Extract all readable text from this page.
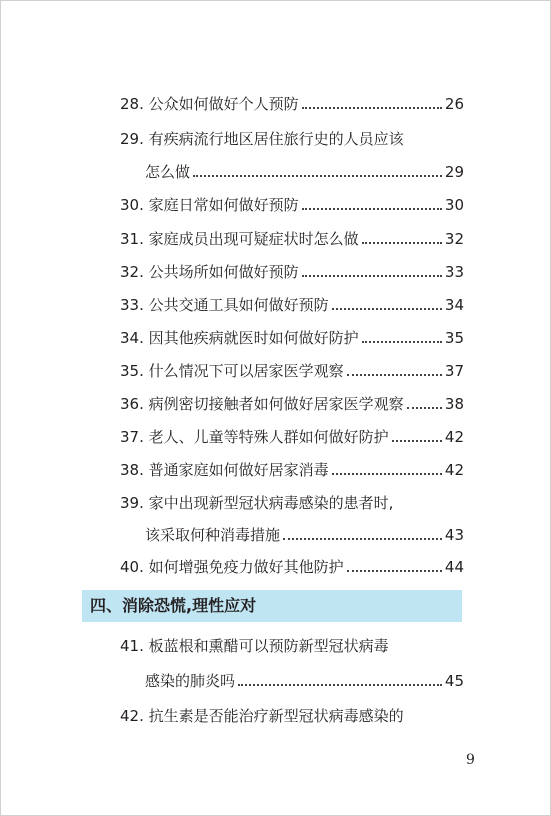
28. 公众如何做好个人预防	26
29. 有疾病流行地区居住旅行史的人员应该
怎么做	29
30. 家庭日常如何做好预防	30
31. 家庭成员出现可疑症状时怎么做	32
32. 公共场所如何做好预防	33
33. 公共交通工具如何做好预防	34
34. 因其他疾病就医时如何做好防护	35
35. 什么情况下可以居家医学观察	37
36. 病例密切接触者如何做好居家医学观察	38
37. 老人、儿童等特殊人群如何做好防护	42
38. 普通家庭如何做好居家消毒	42
39. 家中出现新型冠状病毒感染的患者时,
该采取何种消毒措施	43
40. 如何增强免疫力做好其他防护	44
四、消除恐慌,理性应对
41. 板蓝根和熏醋可以预防新型冠状病毒
感染的肺炎吗	45
42. 抗生素是否能治疗新型冠状病毒感染的
9
